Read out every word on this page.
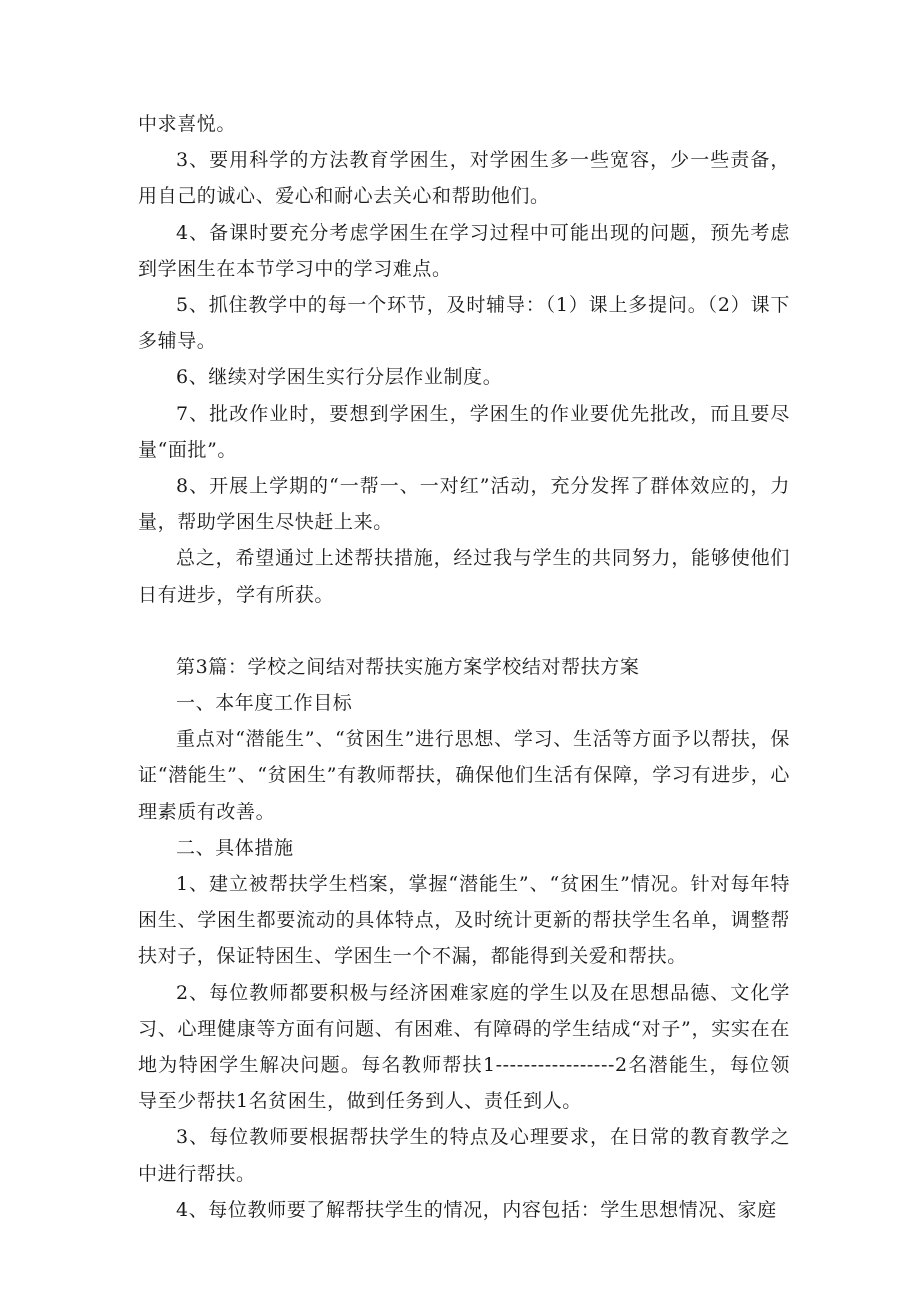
中求喜悦。

3、要用科学的方法教育学困生，对学困生多一些宽容，少一些责备，用自己的诚心、爱心和耐心去关心和帮助他们。

4、备课时要充分考虑学困生在学习过程中可能出现的问题，预先考虑到学困生在本节学习中的学习难点。

5、抓住教学中的每一个环节，及时辅导：（1）课上多提问。（2）课下多辅导。

6、继续对学困生实行分层作业制度。

7、批改作业时，要想到学困生，学困生的作业要优先批改，而且要尽量“面批”。

8、开展上学期的“一帮一、一对红”活动，充分发挥了群体效应的，力量，帮助学困生尽快赶上来。

总之，希望通过上述帮扶措施，经过我与学生的共同努力，能够使他们日有进步，学有所获。

第3篇：学校之间结对帮扶实施方案学校结对帮扶方案

一、本年度工作目标

重点对“潜能生”、“贫困生”进行思想、学习、生活等方面予以帮扶，保证“潜能生”、“贫困生”有教师帮扶，确保他们生活有保障，学习有进步，心理素质有改善。

二、具体措施

1、建立被帮扶学生档案，掌握“潜能生”、“贫困生”情况。针对每年特困生、学困生都要流动的具体特点，及时统计更新的帮扶学生名单，调整帮扶对子，保证特困生、学困生一个不漏，都能得到关爱和帮扶。

2、每位教师都要积极与经济困难家庭的学生以及在思想品德、文化学习、心理健康等方面有问题、有困难、有障碍的学生结成“对子”，实实在在地为特困学生解决问题。每名教师帮扶1-----------------2名潜能生，每位领导至少帮扶1名贫困生，做到任务到人、责任到人。

3、每位教师要根据帮扶学生的特点及心理要求，在日常的教育教学之中进行帮扶。

4、每位教师要了解帮扶学生的情况，内容包括：学生思想情况、家庭
